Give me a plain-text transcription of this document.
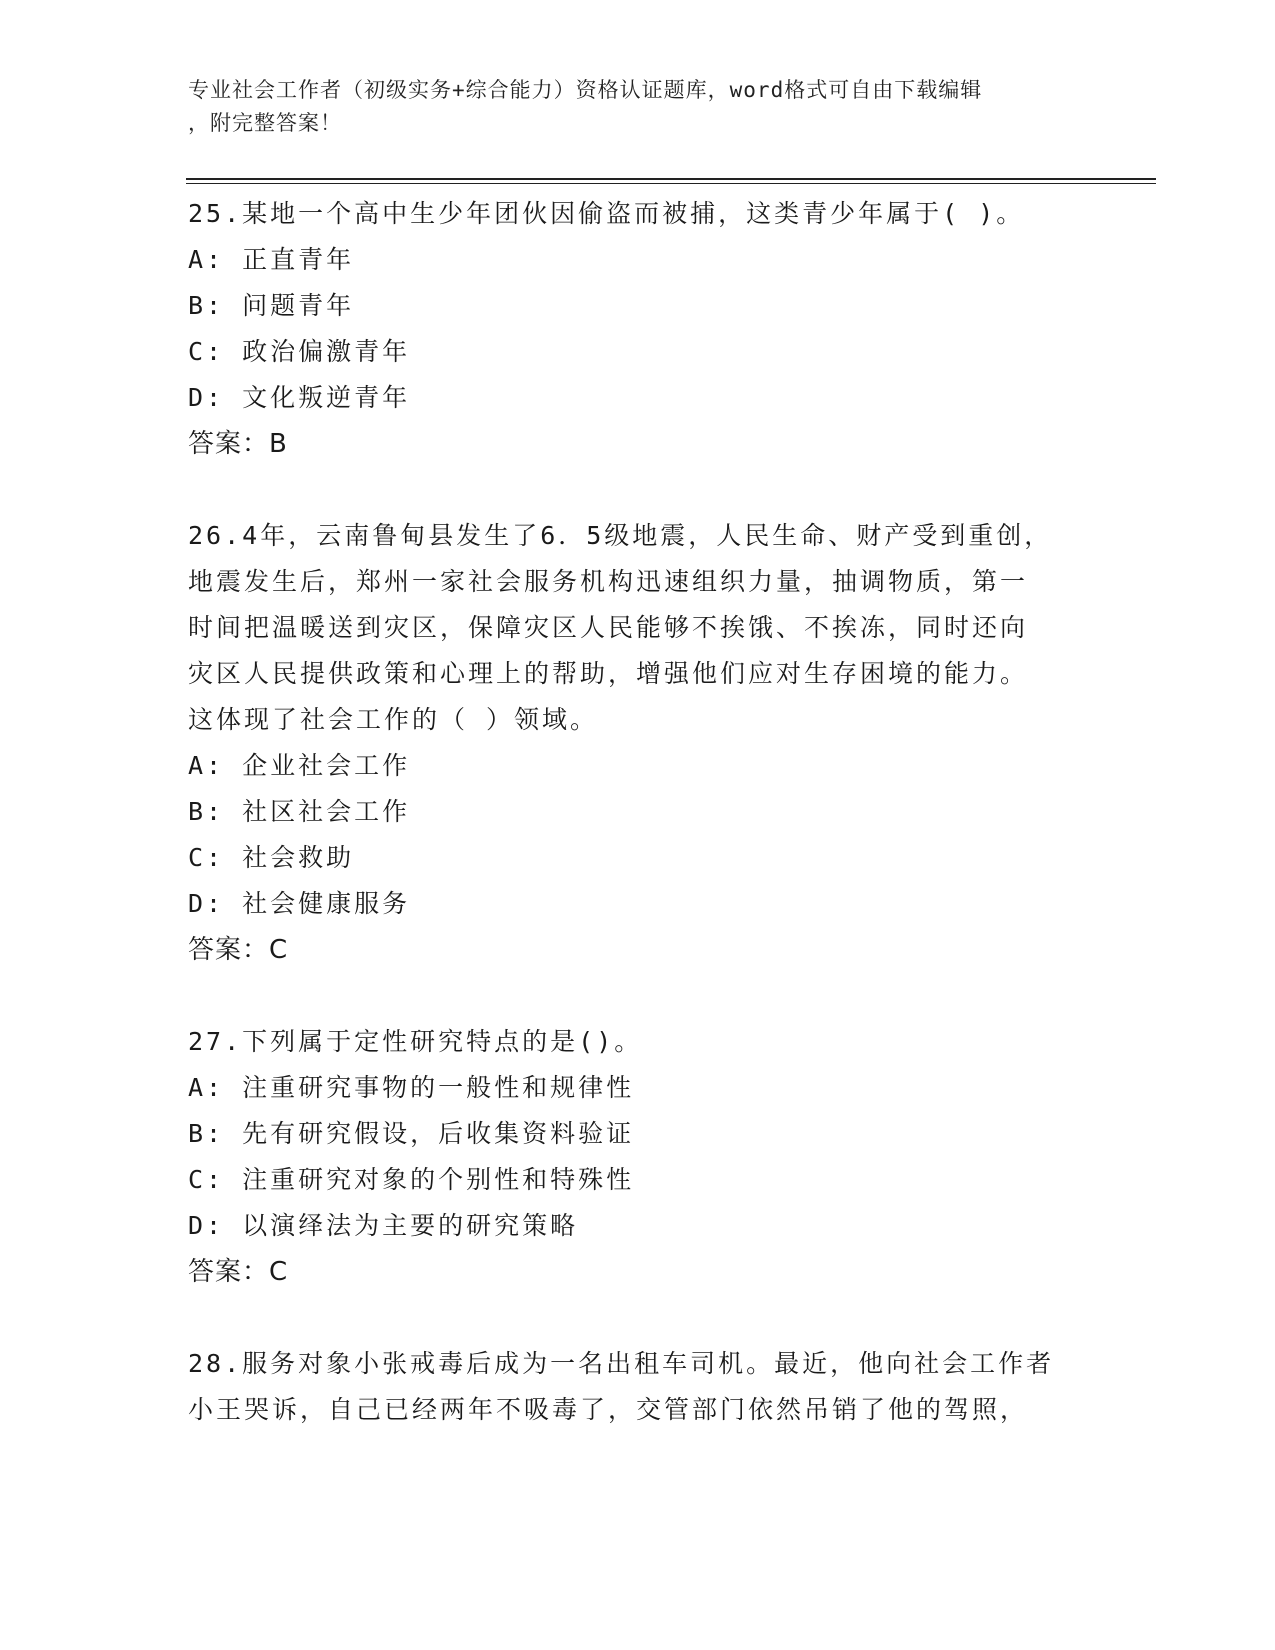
专业社会工作者（初级实务+综合能力）资格认证题库，word格式可自由下载编辑
，附完整答案！
25.某地一个高中生少年团伙因偷盗而被捕，这类青少年属于( )。
A: 正直青年
B: 问题青年
C: 政治偏激青年
D: 文化叛逆青年
答案：B
26.4年，云南鲁甸县发生了6．5级地震，人民生命、财产受到重创，
地震发生后，郑州一家社会服务机构迅速组织力量，抽调物质，第一
时间把温暖送到灾区，保障灾区人民能够不挨饿、不挨冻，同时还向
灾区人民提供政策和心理上的帮助，增强他们应对生存困境的能力。
这体现了社会工作的（ ）领域。
A: 企业社会工作
B: 社区社会工作
C: 社会救助
D: 社会健康服务
答案：C
27.下列属于定性研究特点的是()。
A: 注重研究事物的一般性和规律性
B: 先有研究假设，后收集资料验证
C: 注重研究对象的个别性和特殊性
D: 以演绎法为主要的研究策略
答案：C
28.服务对象小张戒毒后成为一名出租车司机。最近，他向社会工作者
小王哭诉，自己已经两年不吸毒了，交管部门依然吊销了他的驾照，
